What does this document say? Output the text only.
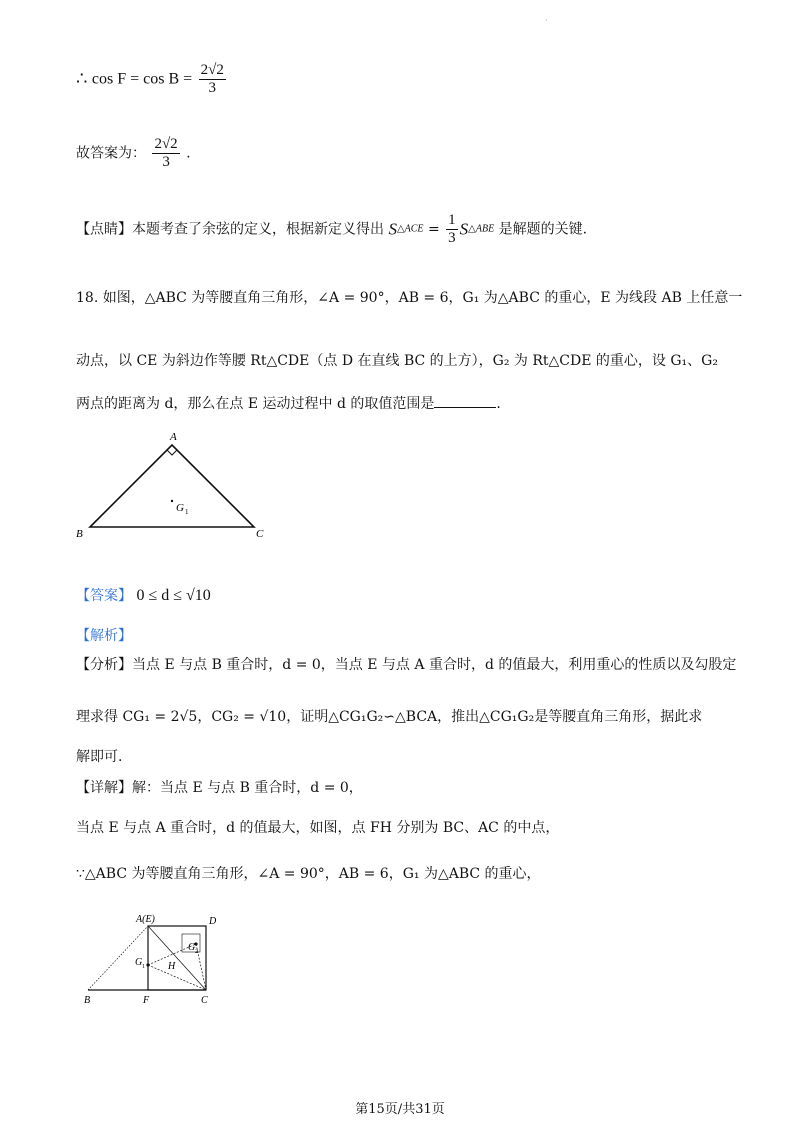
·
∴ $\cos F = \cos B = \frac{2√2}{3}$
故答案为： $\frac{2√2}{3}$ .
【点睛】本题考查了余弦的定义，根据新定义得出 S△ACE = $\frac{1}{3}$ S△ABE 是解题的关键.
18. 如图，△ABC 为等腰直角三角形，∠A = 90°，AB = 6，G₁ 为△ABC 的重心，E 为线段 AB 上任意一
动点，以 CE 为斜边作等腰 Rt△CDE（点 D 在直线 BC 的上方），G₂ 为 Rt△CDE 的重心，设 G₁、G₂
两点的距离为 d，那么在点 E 运动过程中 d 的取值范围是	.
A
B	C
G 1
【答案】 0 ≤ d ≤ √10
【解析】
【分析】当点 E 与点 B 重合时，d = 0，当点 E 与点 A 重合时，d 的值最大，利用重心的性质以及勾股定
理求得 CG₁ = 2√5，CG₂ = √10，证明△CG₁G₂∽△BCA，推出△CG₁G₂是等腰直角三角形，据此求
解即可.
【详解】解：当点 E 与点 B 重合时，d = 0，
当点 E 与点 A 重合时，d 的值最大，如图，点 FH 分别为 BC、AC 的中点，
∵△ABC 为等腰直角三角形，∠A = 90°，AB = 6，G₁ 为△ABC 的重心，
A(E)	D
B	F	C
G 1
G 2
H
第15页/共31页
